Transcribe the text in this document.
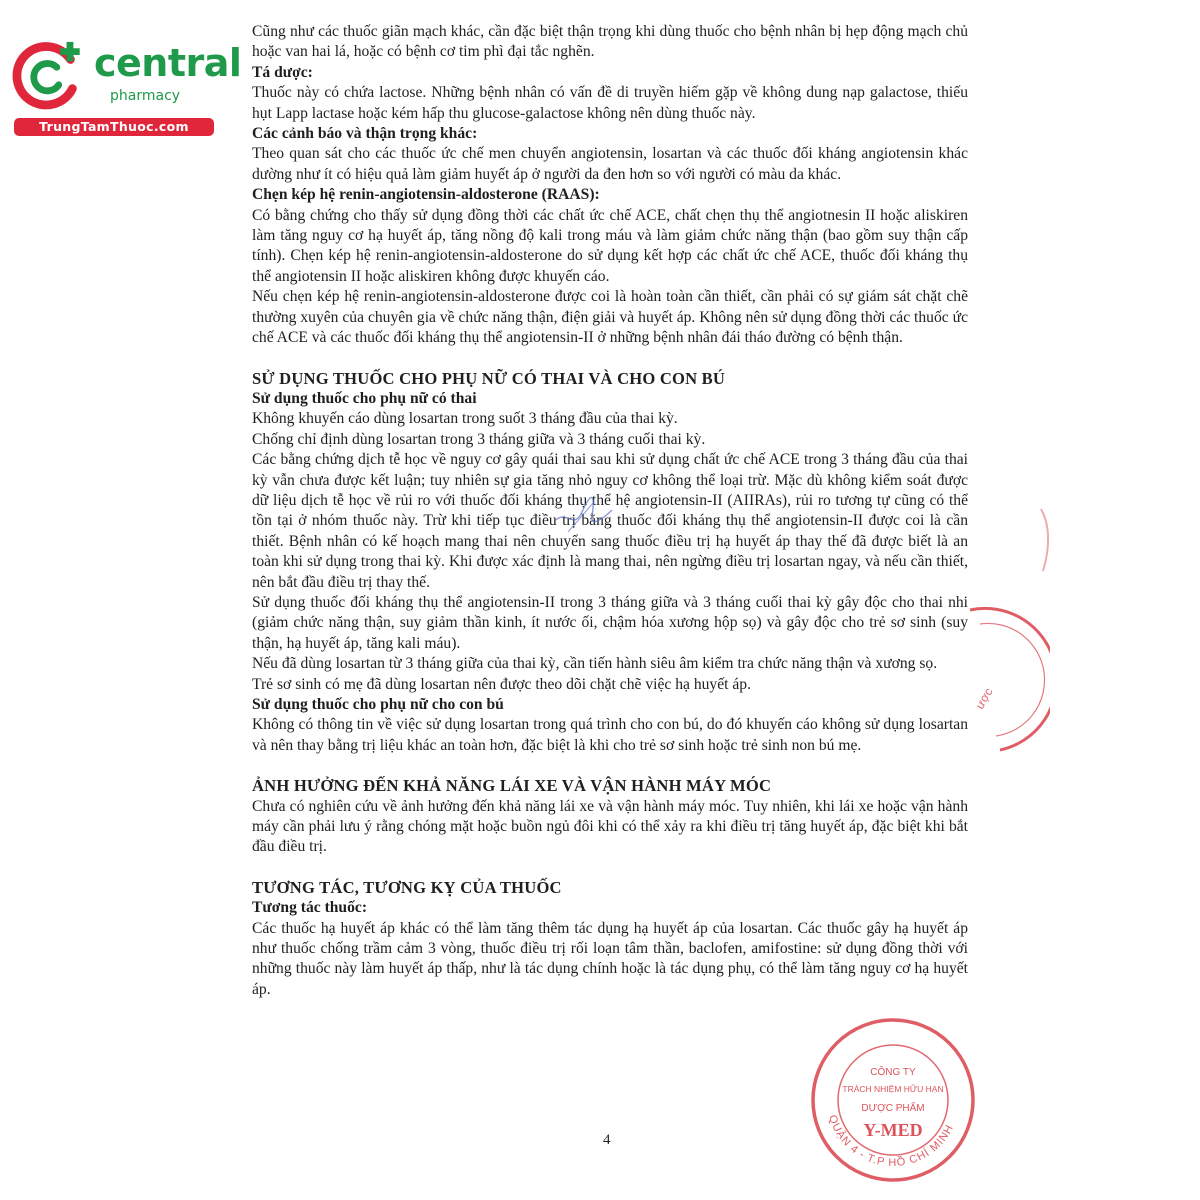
central
pharmacy
TrungTamThuoc.com

Cũng như các thuốc giãn mạch khác, cần đặc biệt thận trọng khi dùng thuốc cho bệnh nhân bị hẹp động mạch chủ hoặc van hai lá, hoặc có bệnh cơ tim phì đại tắc nghẽn.

Tá dược:

Thuốc này có chứa lactose. Những bệnh nhân có vấn đề di truyền hiếm gặp về không dung nạp galactose, thiếu hụt Lapp lactase hoặc kém hấp thu glucose-galactose không nên dùng thuốc này.

Các cảnh báo và thận trọng khác:

Theo quan sát cho các thuốc ức chế men chuyển angiotensin, losartan và các thuốc đối kháng angiotensin khác dường như ít có hiệu quả làm giảm huyết áp ở người da đen hơn so với người có màu da khác.

Chẹn kép hệ renin-angiotensin-aldosterone (RAAS):

Có bằng chứng cho thấy sử dụng đồng thời các chất ức chế ACE, chất chẹn thụ thể angiotnesin II hoặc aliskiren làm tăng nguy cơ hạ huyết áp, tăng nồng độ kali trong máu và làm giảm chức năng thận (bao gồm suy thận cấp tính). Chẹn kép hệ renin-angiotensin-aldosterone do sử dụng kết hợp các chất ức chế ACE, thuốc đối kháng thụ thể angiotensin II hoặc aliskiren không được khuyến cáo.

Nếu chẹn kép hệ renin-angiotensin-aldosterone được coi là hoàn toàn cần thiết, cần phải có sự giám sát chặt chẽ thường xuyên của chuyên gia về chức năng thận, điện giải và huyết áp. Không nên sử dụng đồng thời các thuốc ức chế ACE và các thuốc đối kháng thụ thể angiotensin-II ở những bệnh nhân đái tháo đường có bệnh thận.

SỬ DỤNG THUỐC CHO PHỤ NỮ CÓ THAI VÀ CHO CON BÚ

Sử dụng thuốc cho phụ nữ có thai

Không khuyến cáo dùng losartan trong suốt 3 tháng đầu của thai kỳ.

Chống chỉ định dùng losartan trong 3 tháng giữa và 3 tháng cuối thai kỳ.

Các bằng chứng dịch tễ học về nguy cơ gây quái thai sau khi sử dụng chất ức chế ACE trong 3 tháng đầu của thai kỳ vẫn chưa được kết luận; tuy nhiên sự gia tăng nhỏ nguy cơ không thể loại trừ. Mặc dù không kiểm soát được dữ liệu dịch tễ học về rủi ro với thuốc đối kháng thụ thể hệ angiotensin-II (AIIRAs), rủi ro tương tự cũng có thể tồn tại ở nhóm thuốc này. Trừ khi tiếp tục điều trị bằng thuốc đối kháng thụ thể angiotensin-II được coi là cần thiết. Bệnh nhân có kế hoạch mang thai nên chuyển sang thuốc điều trị hạ huyết áp thay thế đã được biết là an toàn khi sử dụng trong thai kỳ. Khi được xác định là mang thai, nên ngừng điều trị losartan ngay, và nếu cần thiết, nên bắt đầu điều trị thay thế.

Sử dụng thuốc đối kháng thụ thể angiotensin-II trong 3 tháng giữa và 3 tháng cuối thai kỳ gây độc cho thai nhi (giảm chức năng thận, suy giảm thần kinh, ít nước ối, chậm hóa xương hộp sọ) và gây độc cho trẻ sơ sinh (suy thận, hạ huyết áp, tăng kali máu).

Nếu đã dùng losartan từ 3 tháng giữa của thai kỳ, cần tiến hành siêu âm kiểm tra chức năng thận và xương sọ.

Trẻ sơ sinh có mẹ đã dùng losartan nên được theo dõi chặt chẽ việc hạ huyết áp.

Sử dụng thuốc cho phụ nữ cho con bú

Không có thông tin về việc sử dụng losartan trong quá trình cho con bú, do đó khuyến cáo không sử dụng losartan và nên thay bằng trị liệu khác an toàn hơn, đặc biệt là khi cho trẻ sơ sinh hoặc trẻ sinh non bú mẹ.

ẢNH HƯỞNG ĐẾN KHẢ NĂNG LÁI XE VÀ VẬN HÀNH MÁY MÓC

Chưa có nghiên cứu về ảnh hưởng đến khả năng lái xe và vận hành máy móc. Tuy nhiên, khi lái xe hoặc vận hành máy cần phải lưu ý rằng chóng mặt hoặc buồn ngủ đôi khi có thể xảy ra khi điều trị tăng huyết áp, đặc biệt khi bắt đầu điều trị.

TƯƠNG TÁC, TƯƠNG KỴ CỦA THUỐC

Tương tác thuốc:

Các thuốc hạ huyết áp khác có thể làm tăng thêm tác dụng hạ huyết áp của losartan. Các thuốc gây hạ huyết áp như thuốc chống trầm cảm 3 vòng, thuốc điều trị rối loạn tâm thần, baclofen, amifostine: sử dụng đồng thời với những thuốc này làm huyết áp thấp, như là tác dụng chính hoặc là tác dụng phụ, có thể làm tăng nguy cơ hạ huyết áp.

4
ược
QUẬN 4 - T.P HỒ CHÍ MINH
CÔNG TY
TRÁCH NHIỆM HỮU HẠN
DƯỢC PHẨM
Y-MED
